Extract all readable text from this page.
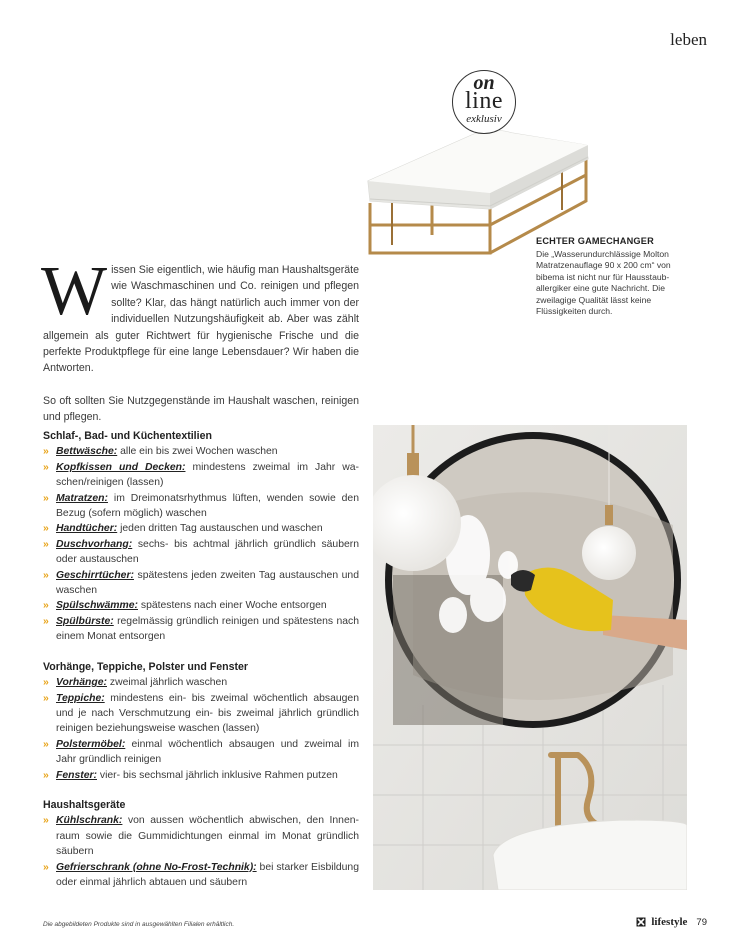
leben
on
line
exklusiv
ECHTER GAMECHANGER
Die „Wasserundurchlässige Molton Matratzenauflage 90 x 200 cm“ von bibema ist nicht nur für Hausstauballergiker eine gute Nachricht. Die zweilagige Qualität lässt keine Flüssigkeiten durch.

Wissen Sie eigentlich, wie häufig man Haushaltsgeräte wie Waschmaschinen und Co. reinigen und pflegen sollte? Klar, das hängt natürlich auch immer von der individuellen Nutzungshäufigkeit ab. Aber was zählt allgemein als guter Richtwert für hygienische Frische und die perfekte Produktpflege für eine lange Lebensdauer? Wir haben die Antworten.

So oft sollten Sie Nutzgegenstände im Haushalt waschen, reinigen und pflegen.

Schlaf-, Bad- und Küchentextilien
» Bettwäsche: alle ein bis zwei Wochen waschen
» Kopfkissen und Decken: mindestens zweimal im Jahr waschen/reinigen (lassen)
» Matratzen: im Dreimonatsrhythmus lüften, wenden sowie den Bezug (sofern möglich) waschen
» Handtücher: jeden dritten Tag austauschen und waschen
» Duschvorhang: sechs- bis achtmal jährlich gründlich säubern oder austauschen
» Geschirrtücher: spätestens jeden zweiten Tag austauschen und waschen
» Spülschwämme: spätestens nach einer Woche entsorgen
» Spülbürste: regelmässig gründlich reinigen und spätestens nach einem Monat entsorgen
Vorhänge, Teppiche, Polster und Fenster
» Vorhänge: zweimal jährlich waschen
» Teppiche: mindestens ein- bis zweimal wöchentlich absaugen und je nach Verschmutzung ein- bis zweimal jährlich gründlich reinigen beziehungsweise waschen (lassen)
» Polstermöbel: einmal wöchentlich absaugen und zweimal im Jahr gründlich reinigen
» Fenster: vier- bis sechsmal jährlich inklusive Rahmen putzen
Haushaltsgeräte
» Kühlschrank: von aussen wöchentlich abwischen, den Innenraum sowie die Gummidichtungen einmal im Monat gründlich säubern
» Gefrierschrank (ohne No-Frost-Technik): bei starker Eisbildung oder einmal jährlich abtauen und säubern
Die abgebildeten Produkte sind in ausgewählten Filialen erhältlich.	lifestyle 79
